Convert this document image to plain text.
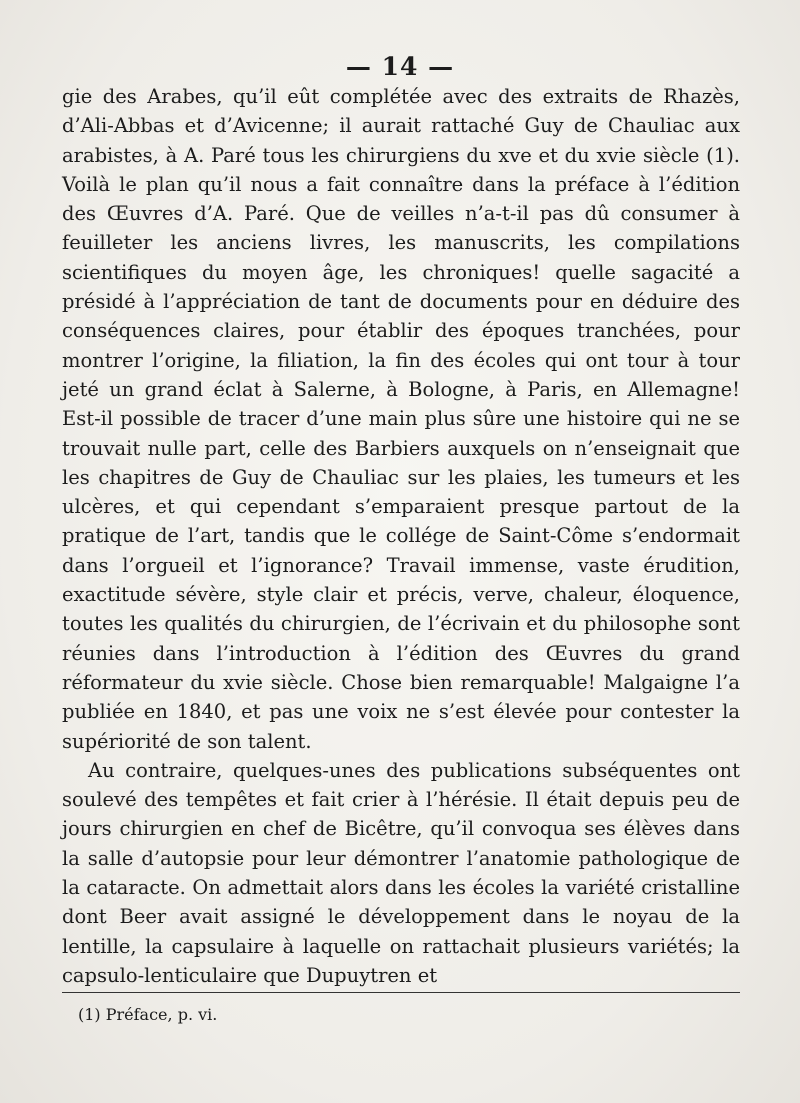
— 14 —

gie des Arabes, qu’il eût complétée avec des extraits de Rhazès, d’Ali-Abbas et d’Avicenne; il aurait rattaché Guy de Chauliac aux arabistes, à A. Paré tous les chirurgiens du xve et du xvie siècle (1). Voilà le plan qu’il nous a fait connaître dans la préface à l’édition des Œuvres d’A. Paré. Que de veilles n’a-t-il pas dû consumer à feuilleter les anciens livres, les manuscrits, les compilations scientifiques du moyen âge, les chroniques! quelle sagacité a présidé à l’appréciation de tant de documents pour en déduire des conséquences claires, pour établir des époques tranchées, pour montrer l’origine, la filiation, la fin des écoles qui ont tour à tour jeté un grand éclat à Salerne, à Bologne, à Paris, en Allemagne! Est-il possible de tracer d’une main plus sûre une histoire qui ne se trouvait nulle part, celle des Barbiers auxquels on n’enseignait que les chapitres de Guy de Chauliac sur les plaies, les tumeurs et les ulcères, et qui cependant s’emparaient presque partout de la pratique de l’art, tandis que le collége de Saint-Côme s’endormait dans l’orgueil et l’ignorance? Travail immense, vaste érudition, exactitude sévère, style clair et précis, verve, chaleur, éloquence, toutes les qualités du chirurgien, de l’écrivain et du philosophe sont réunies dans l’introduction à l’édition des Œuvres du grand réformateur du xvie siècle. Chose bien remarquable! Malgaigne l’a publiée en 1840, et pas une voix ne s’est élevée pour contester la supériorité de son talent.

Au contraire, quelques-unes des publications subséquentes ont soulevé des tempêtes et fait crier à l’hérésie. Il était depuis peu de jours chirurgien en chef de Bicêtre, qu’il convoqua ses élèves dans la salle d’autopsie pour leur démontrer l’anatomie pathologique de la cataracte. On admettait alors dans les écoles la variété cristalline dont Beer avait assigné le développement dans le noyau de la lentille, la capsulaire à laquelle on rattachait plusieurs variétés; la capsulo-lenticulaire que Dupuytren et

(1) Préface, p. vi.
